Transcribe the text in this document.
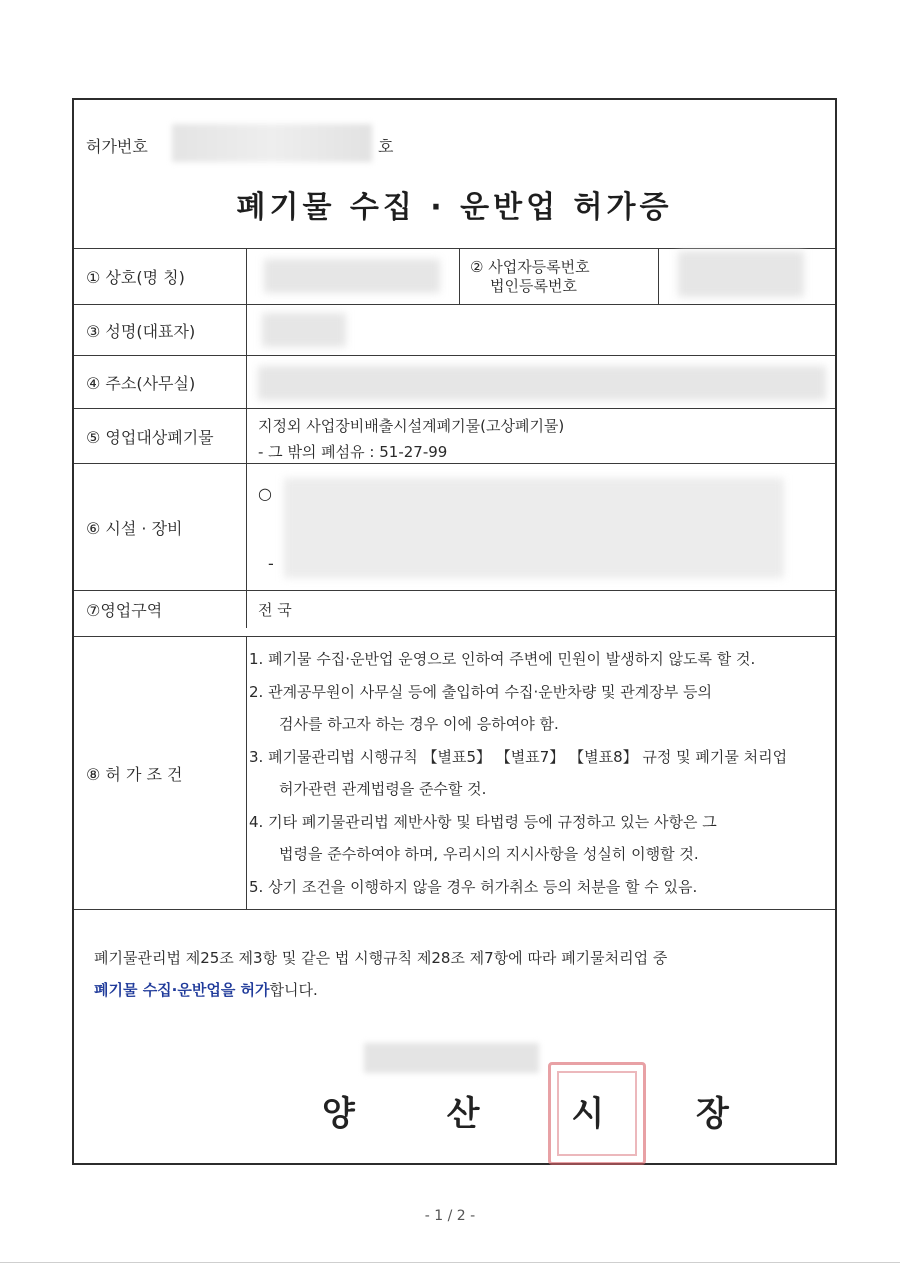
허가번호	호
폐기물 수집 · 운반업 허가증
① 상호(명 칭)
② 사업자등록번호
법인등록번호
③ 성명(대표자)
④ 주소(사무실)
⑤ 영업대상폐기물
지정외 사업장비배출시설계폐기물(고상폐기물)
- 그 밖의 폐섬유 : 51-27-99
⑥ 시설 · 장비
○
-
⑦영업구역	전 국
⑧ 허 가 조 건
1. 폐기물 수집·운반업 운영으로 인하여 주변에 민원이 발생하지 않도록 할 것.
2. 관계공무원이 사무실 등에 출입하여 수집·운반차량 및 관계장부 등의
검사를 하고자 하는 경우 이에 응하여야 함.
3. 폐기물관리법 시행규칙 【별표5】 【별표7】 【별표8】 규정 및 폐기물 처리업
허가관련 관계법령을 준수할 것.
4. 기타 폐기물관리법 제반사항 및 타법령 등에 규정하고 있는 사항은 그
법령을 준수하여야 하며, 우리시의 지시사항을 성실히 이행할 것.
5. 상기 조건을 이행하지 않을 경우 허가취소 등의 처분을 할 수 있음.
폐기물관리법 제25조 제3항 및 같은 법 시행규칙 제28조 제7항에 따라 폐기물처리업 중
폐기물 수집·운반업을 허가합니다.
양 산 시 장
- 1 / 2 -
